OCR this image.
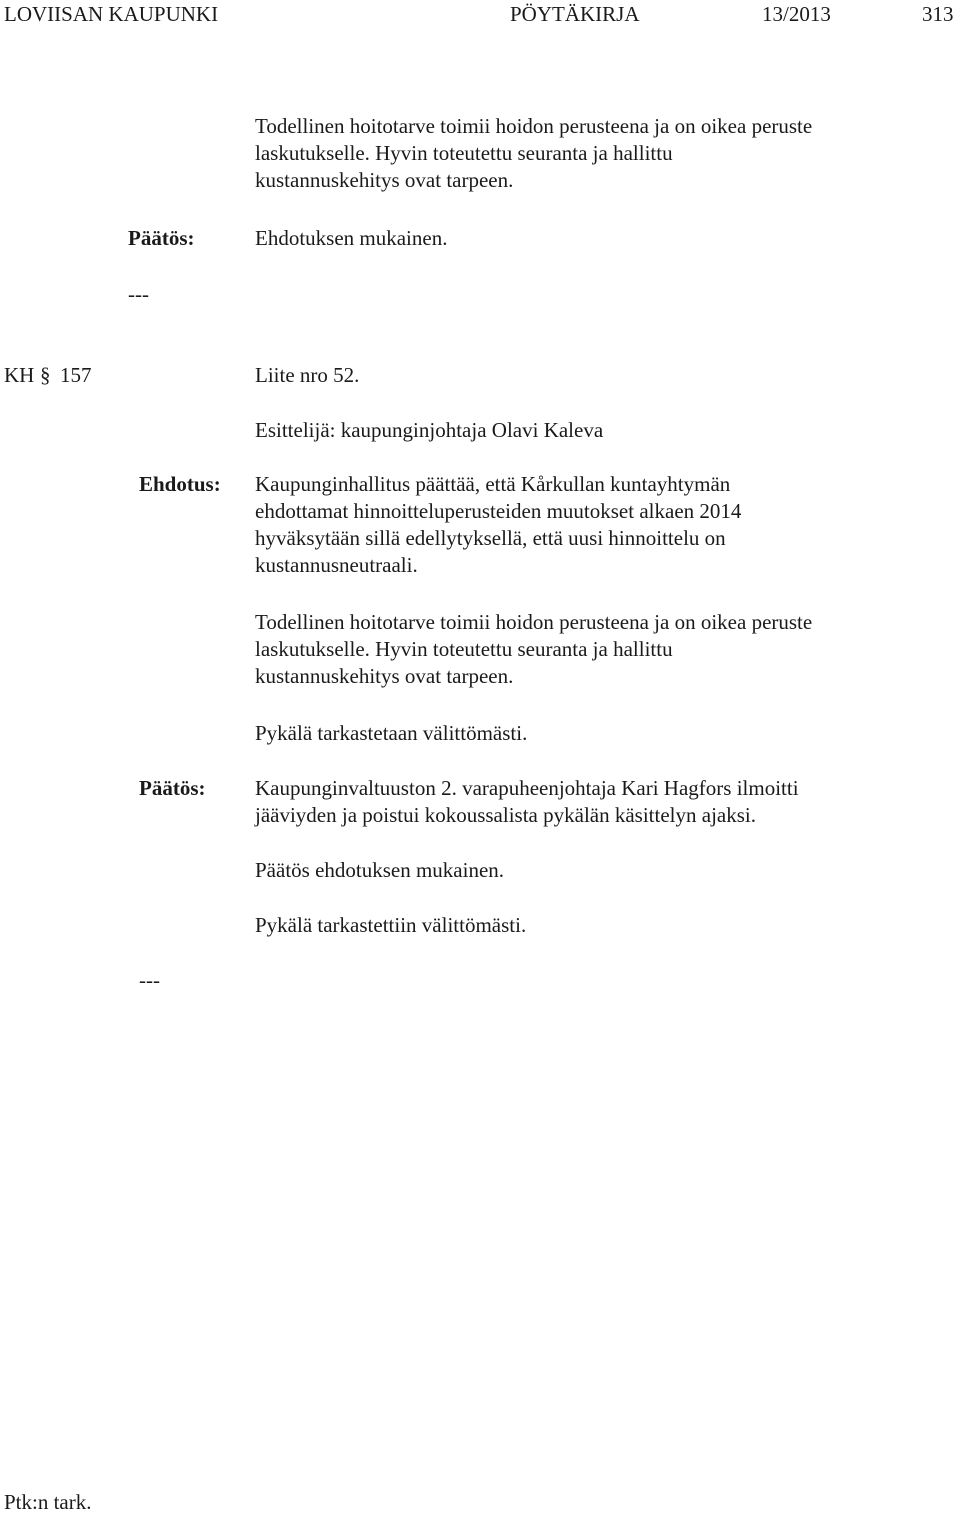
LOVIISAN KAUPUNKI	PÖYTÄKIRJA	13/2013	313
Todellinen hoitotarve toimii hoidon perusteena ja on oikea peruste
laskutukselle. Hyvin toteutettu seuranta ja hallittu
kustannuskehitys ovat tarpeen.
Päätös:	Ehdotuksen mukainen.
---
KH § 157	Liite nro 52.
Esittelijä: kaupunginjohtaja Olavi Kaleva
Ehdotus: Kaupunginhallitus päättää, että Kårkullan kuntayhtymän
ehdottamat hinnoitteluperusteiden muutokset alkaen 2014
hyväksytään sillä edellytyksellä, että uusi hinnoittelu on
kustannusneutraali.
Todellinen hoitotarve toimii hoidon perusteena ja on oikea peruste
laskutukselle. Hyvin toteutettu seuranta ja hallittu
kustannuskehitys ovat tarpeen.
Pykälä tarkastetaan välittömästi.
Päätös: Kaupunginvaltuuston 2. varapuheenjohtaja Kari Hagfors ilmoitti
jääviyden ja poistui kokoussalista pykälän käsittelyn ajaksi.
Päätös ehdotuksen mukainen.
Pykälä tarkastettiin välittömästi.
---
Ptk:n tark.
